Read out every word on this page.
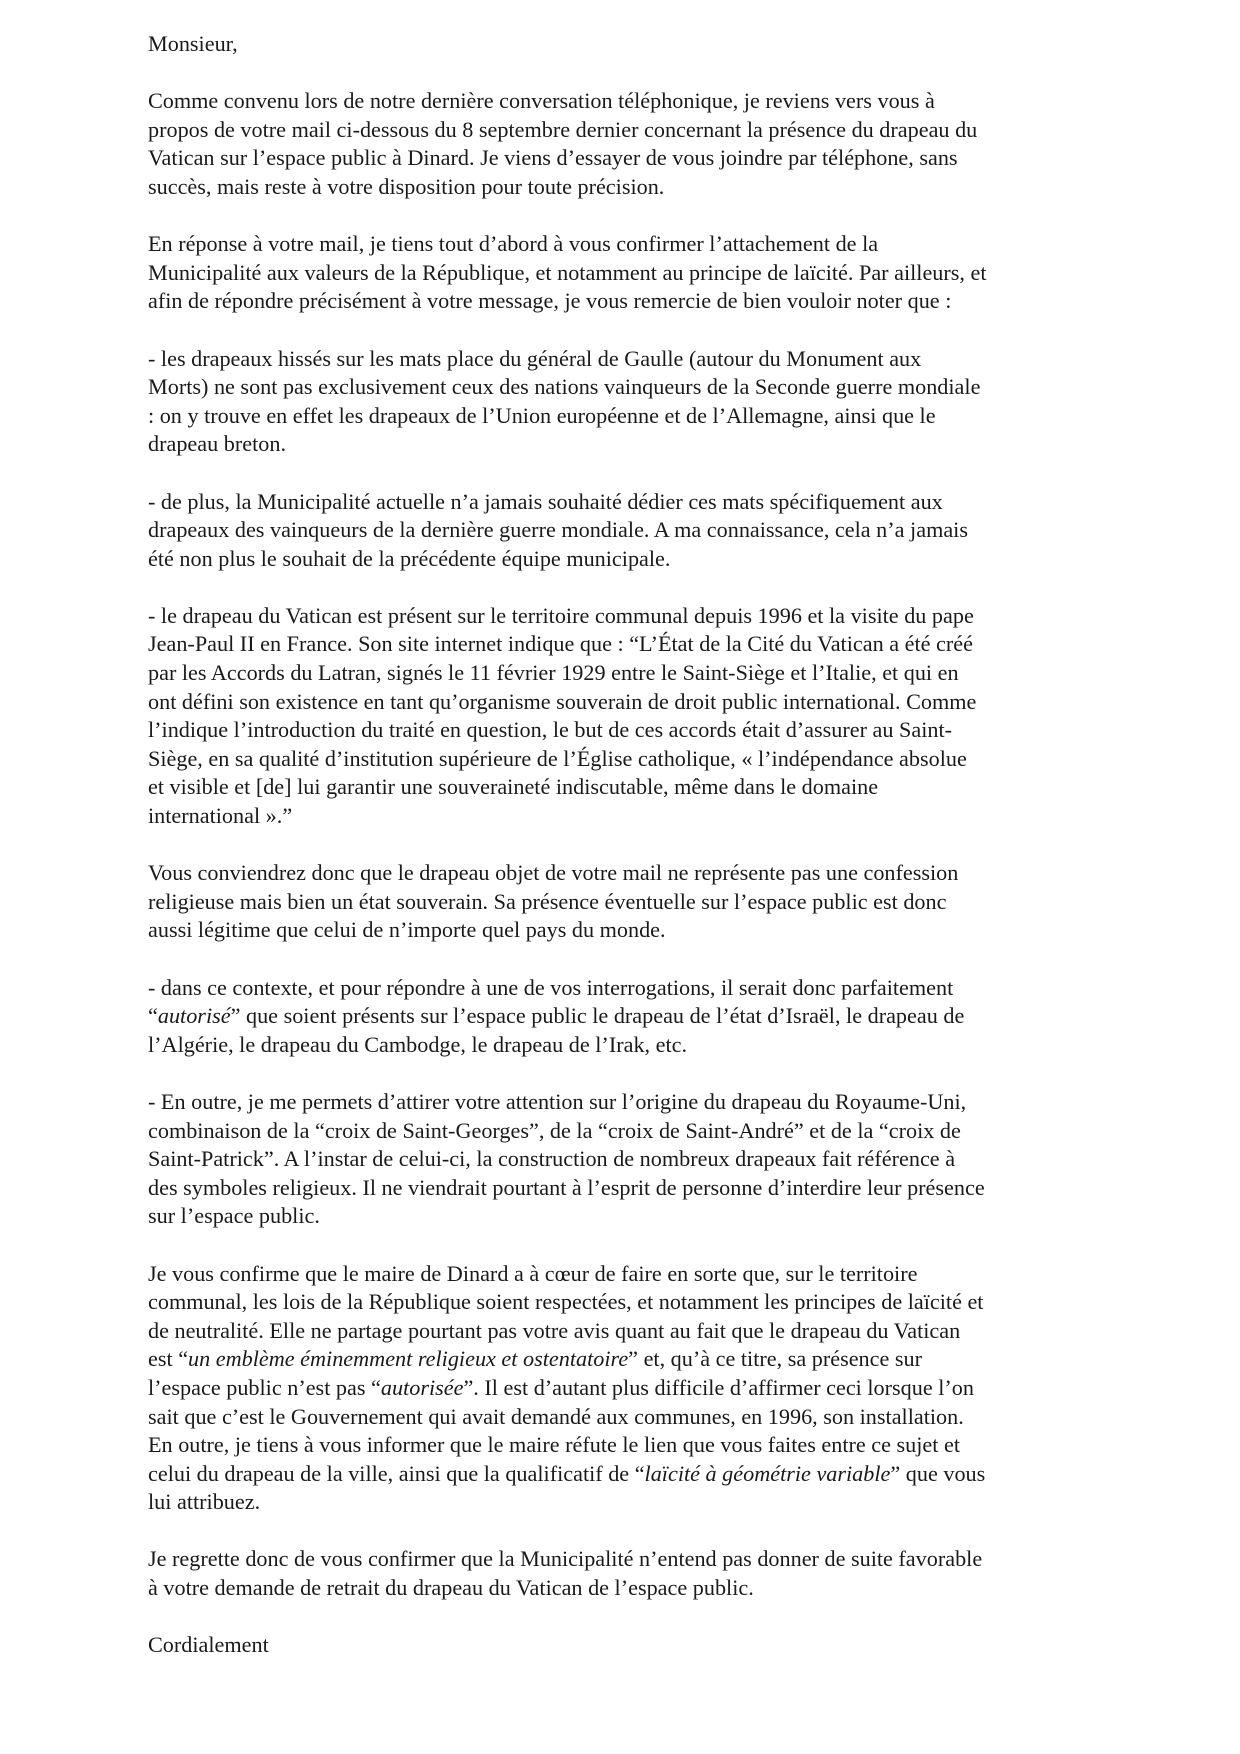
Monsieur,

Comme convenu lors de notre dernière conversation téléphonique, je reviens vers vous à
propos de votre mail ci-dessous du 8 septembre dernier concernant la présence du drapeau du
Vatican sur l’espace public à Dinard. Je viens d’essayer de vous joindre par téléphone, sans
succès, mais reste à votre disposition pour toute précision.

En réponse à votre mail, je tiens tout d’abord à vous confirmer l’attachement de la
Municipalité aux valeurs de la République, et notamment au principe de laïcité. Par ailleurs, et
afin de répondre précisément à votre message, je vous remercie de bien vouloir noter que :

- les drapeaux hissés sur les mats place du général de Gaulle (autour du Monument aux
Morts) ne sont pas exclusivement ceux des nations vainqueurs de la Seconde guerre mondiale
: on y trouve en effet les drapeaux de l’Union européenne et de l’Allemagne, ainsi que le
drapeau breton.

- de plus, la Municipalité actuelle n’a jamais souhaité dédier ces mats spécifiquement aux
drapeaux des vainqueurs de la dernière guerre mondiale. A ma connaissance, cela n’a jamais
été non plus le souhait de la précédente équipe municipale.

- le drapeau du Vatican est présent sur le territoire communal depuis 1996 et la visite du pape
Jean-Paul II en France. Son site internet indique que : “L’État de la Cité du Vatican a été créé
par les Accords du Latran, signés le 11 février 1929 entre le Saint-Siège et l’Italie, et qui en
ont défini son existence en tant qu’organisme souverain de droit public international. Comme
l’indique l’introduction du traité en question, le but de ces accords était d’assurer au Saint-
Siège, en sa qualité d’institution supérieure de l’Église catholique, « l’indépendance absolue
et visible et [de] lui garantir une souveraineté indiscutable, même dans le domaine
international ».”

Vous conviendrez donc que le drapeau objet de votre mail ne représente pas une confession
religieuse mais bien un état souverain. Sa présence éventuelle sur l’espace public est donc
aussi légitime que celui de n’importe quel pays du monde.

- dans ce contexte, et pour répondre à une de vos interrogations, il serait donc parfaitement
“autorisé” que soient présents sur l’espace public le drapeau de l’état d’Israël, le drapeau de
l’Algérie, le drapeau du Cambodge, le drapeau de l’Irak, etc.

- En outre, je me permets d’attirer votre attention sur l’origine du drapeau du Royaume-Uni,
combinaison de la “croix de Saint-Georges”, de la “croix de Saint-André” et de la “croix de
Saint-Patrick”. A l’instar de celui-ci, la construction de nombreux drapeaux fait référence à
des symboles religieux. Il ne viendrait pourtant à l’esprit de personne d’interdire leur présence
sur l’espace public.

Je vous confirme que le maire de Dinard a à cœur de faire en sorte que, sur le territoire
communal, les lois de la République soient respectées, et notamment les principes de laïcité et
de neutralité. Elle ne partage pourtant pas votre avis quant au fait que le drapeau du Vatican
est “un emblème éminemment religieux et ostentatoire” et, qu’à ce titre, sa présence sur
l’espace public n’est pas “autorisée”. Il est d’autant plus difficile d’affirmer ceci lorsque l’on
sait que c’est le Gouvernement qui avait demandé aux communes, en 1996, son installation.
En outre, je tiens à vous informer que le maire réfute le lien que vous faites entre ce sujet et
celui du drapeau de la ville, ainsi que la qualificatif de “laïcité à géométrie variable” que vous
lui attribuez.

Je regrette donc de vous confirmer que la Municipalité n’entend pas donner de suite favorable
à votre demande de retrait du drapeau du Vatican de l’espace public.

Cordialement
